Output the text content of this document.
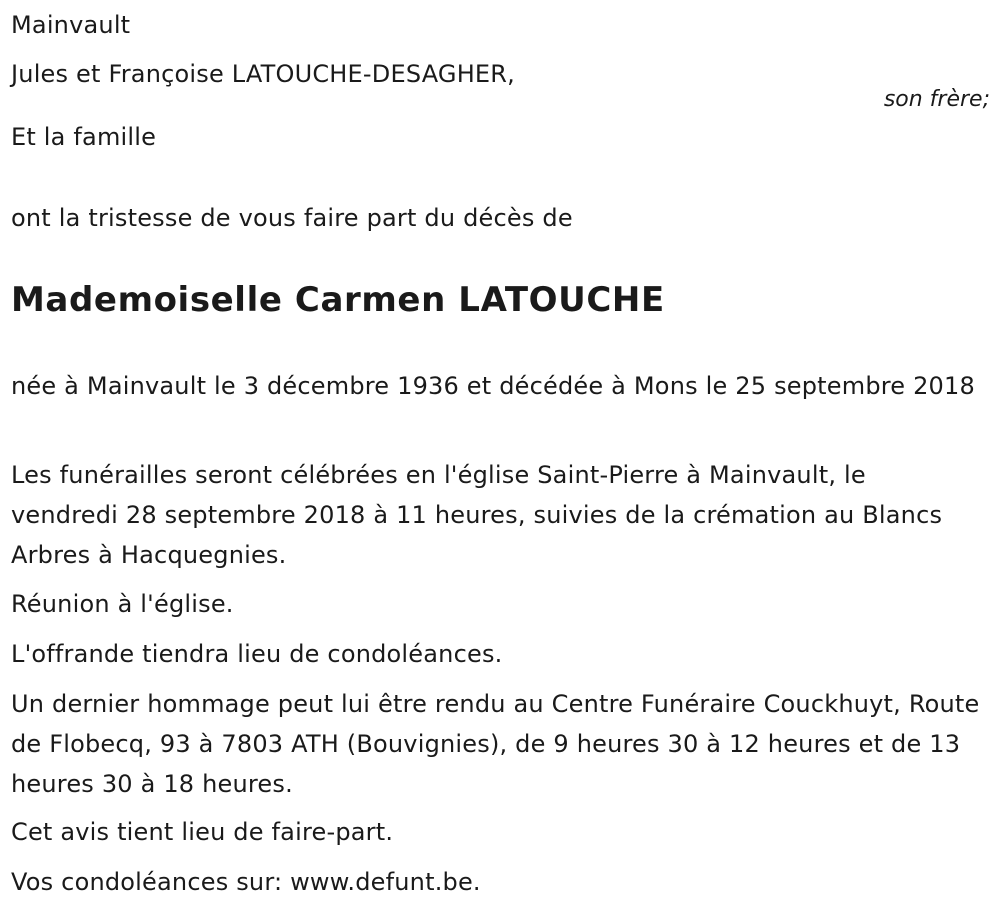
Mainvault

Jules et Françoise LATOUCHE-DESAGHER,

son frère;

Et la famille

ont la tristesse de vous faire part du décès de

Mademoiselle Carmen LATOUCHE

née à Mainvault le 3 décembre 1936 et décédée à Mons le 25 septembre 2018

Les funérailles seront célébrées en l'église Saint-Pierre à Mainvault, le vendredi 28 septembre 2018 à 11 heures, suivies de la crémation au Blancs Arbres à Hacquegnies.

Réunion à l'église.

L'offrande tiendra lieu de condoléances.

Un dernier hommage peut lui être rendu au Centre Funéraire Couckhuyt, Route de Flobecq, 93 à 7803 ATH (Bouvignies), de 9 heures 30 à 12 heures et de 13 heures 30 à 18 heures.

Cet avis tient lieu de faire-part.

Vos condoléances sur: www.defunt.be.
